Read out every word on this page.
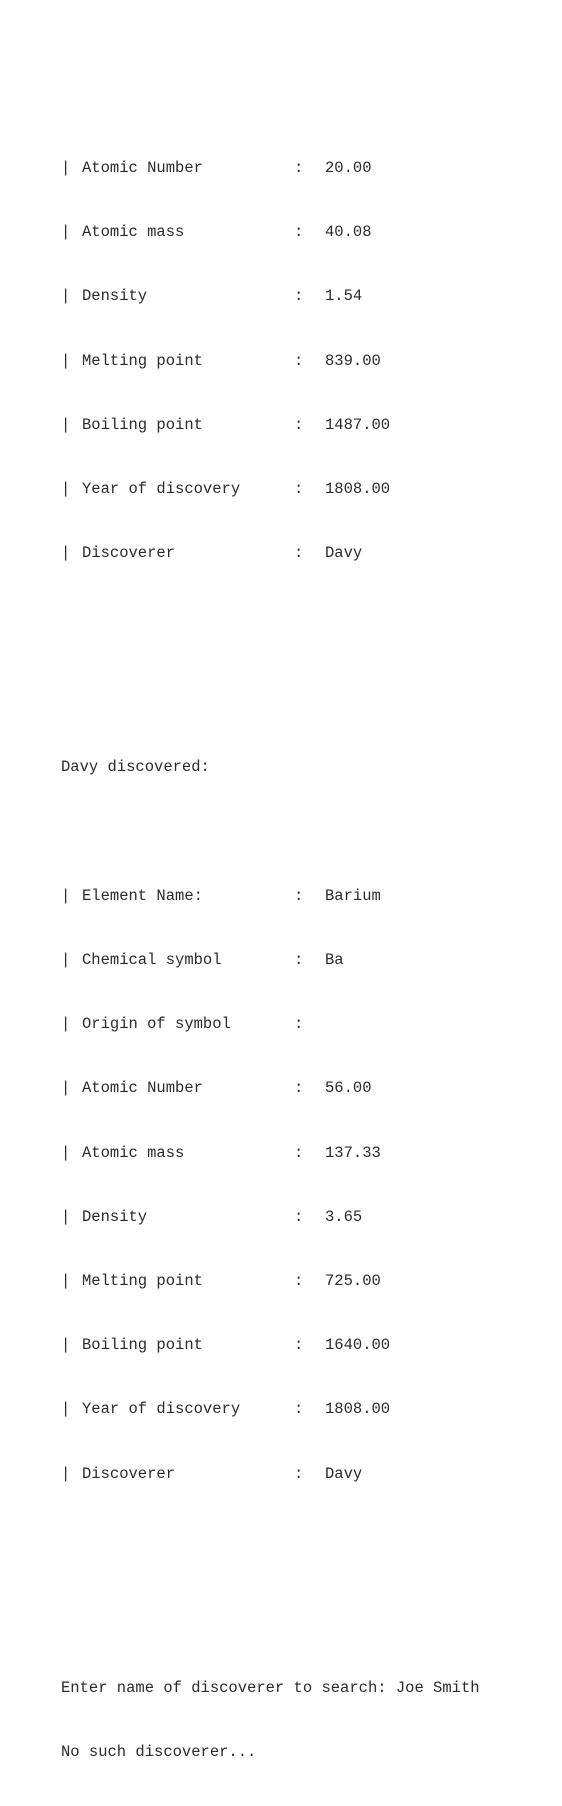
| Atomic Number	: 20.00

| Atomic mass	: 40.08

| Density	: 1.54

| Melting point	: 839.00

| Boiling point	: 1487.00

| Year of discovery	: 1808.00

| Discoverer	: Davy

Davy discovered:

| Element Name:	: Barium

| Chemical symbol	: Ba

| Origin of symbol	:

| Atomic Number	: 56.00

| Atomic mass	: 137.33

| Density	: 3.65

| Melting point	: 725.00

| Boiling point	: 1640.00

| Year of discovery	: 1808.00

| Discoverer	: Davy

Enter name of discoverer to search: Joe Smith

No such discoverer...
